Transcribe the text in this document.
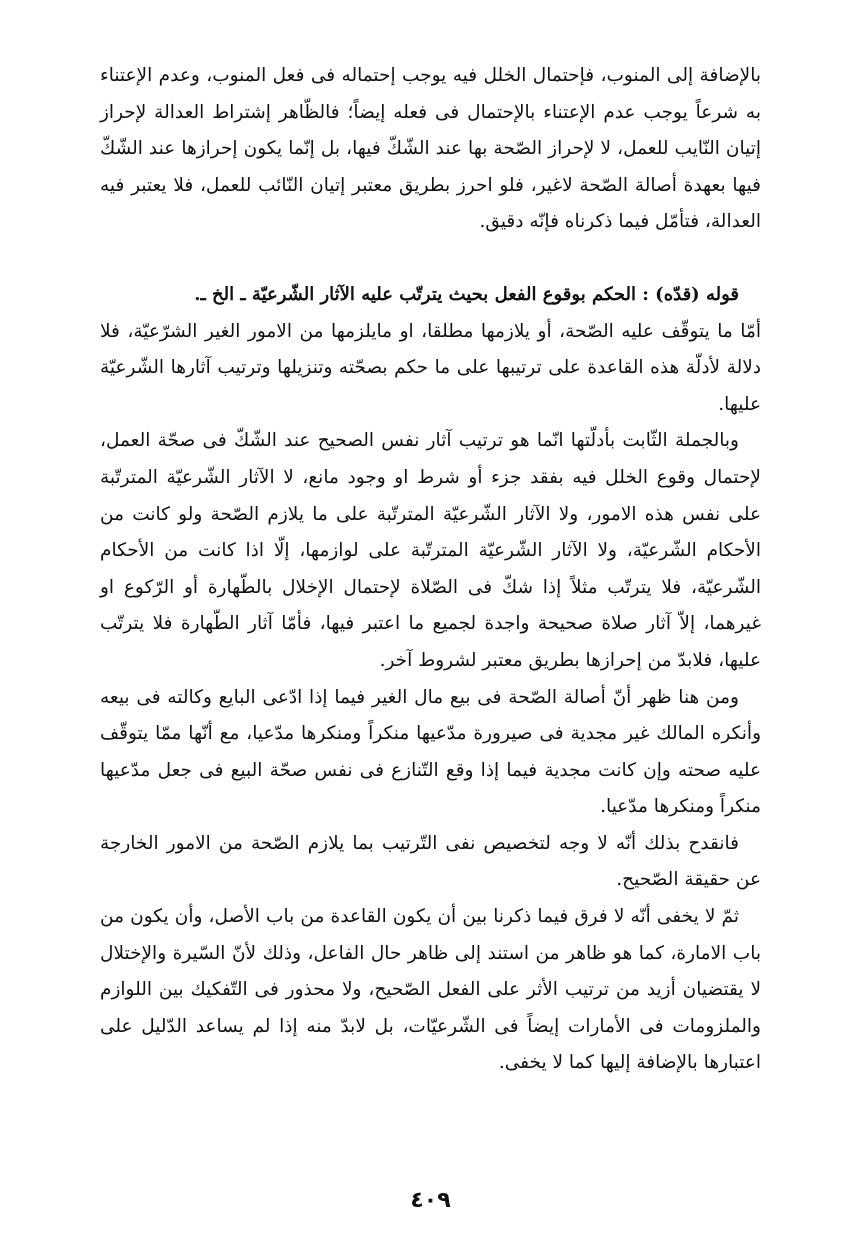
بالإضافة إلى المنوب، فإحتمال الخلل فيه يوجب إحتماله فى فعل المنوب، وعدم الإعتناء به شرعاً يوجب عدم الإعتناء بالإحتمال فى فعله إيضاً؛ فالظّاهر إشتراط العدالة لإحراز إتيان النّايب للعمل، لا لإحراز الصّحة بها عند الشّكّ فيها، بل إنّما يكون إحرازها عند الشّكّ فيها بعهدة أصالة الصّحة لاغير، فلو احرز بطريق معتبر إتيان النّائب للعمل، فلا يعتبر فيه العدالة، فتأمّل فيما ذكرناه فإنّه دقيق.

قوله (قدّه) : الحكم بوقوع الفعل بحيث يترتّب عليه الآثار الشّرعيّة ـ الخ ـ.

أمّا ما يتوقّف عليه الصّحة، أو يلازمها مطلقا، او مايلزمها من الامور الغير الشرّعيّة، فلا دلالة لأدلّة هذه القاعدة على ترتيبها على ما حكم بصحّته وتنزيلها وترتيب آثارها الشّرعيّة عليها.

وبالجملة الثّابت بأدلّتها انّما هو ترتيب آثار نفس الصحيح عند الشّكّ فى صحّة العمل، لإحتمال وقوع الخلل فيه بفقد جزء أو شرط او وجود مانع، لا الآثار الشّرعيّة المترتّبة على نفس هذه الامور، ولا الآثار الشّرعيّة المترتّبة على ما يلازم الصّحة ولو كانت من الأحكام الشّرعيّة، ولا الآثار الشّرعيّة المترتّبة على لوازمها، إلّا اذا كانت من الأحكام الشّرعيّة، فلا يترتّب مثلاً إذا شكّ فى الصّلاة لإحتمال الإخلال بالطّهارة أو الرّكوع او غيرهما، إلاّ آثار صلاة صحيحة واجدة لجميع ما اعتبر فيها، فأمّا آثار الطّهارة فلا يترتّب عليها، فلابدّ من إحرازها بطريق معتبر لشروط آخر.

ومن هنا ظهر أنّ أصالة الصّحة فى بيع مال الغير فيما إذا ادّعى البايع وكالته فى بيعه وأنكره المالك غير مجدية فى صيرورة مدّعيها منكراً ومنكرها مدّعيا، مع أنّها ممّا يتوقّف عليه صحته وإن كانت مجدية فيما إذا وقع التّنازع فى نفس صحّة البيع فى جعل مدّعيها منكراً ومنكرها مدّعيا.

فانقدح بذلك أنّه لا وجه لتخصيص نفى التّرتيب بما يلازم الصّحة من الامور الخارجة عن حقيقة الصّحيح.

ثمّ لا يخفى أنّه لا فرق فيما ذكرنا بين أن يكون القاعدة من باب الأصل، وأن يكون من باب الامارة، كما هو ظاهر من استند إلى ظاهر حال الفاعل، وذلك لأنّ السّيرة والإختلال لا يقتضيان أزيد من ترتيب الأثر على الفعل الصّحيح، ولا محذور فى التّفكيك بين اللوازم والملزومات فى الأمارات إيضاً فى الشّرعيّات، بل لابدّ منه إذا لم يساعد الدّليل على اعتبارها بالإضافة إليها كما لا يخفى.

٤٠٩
